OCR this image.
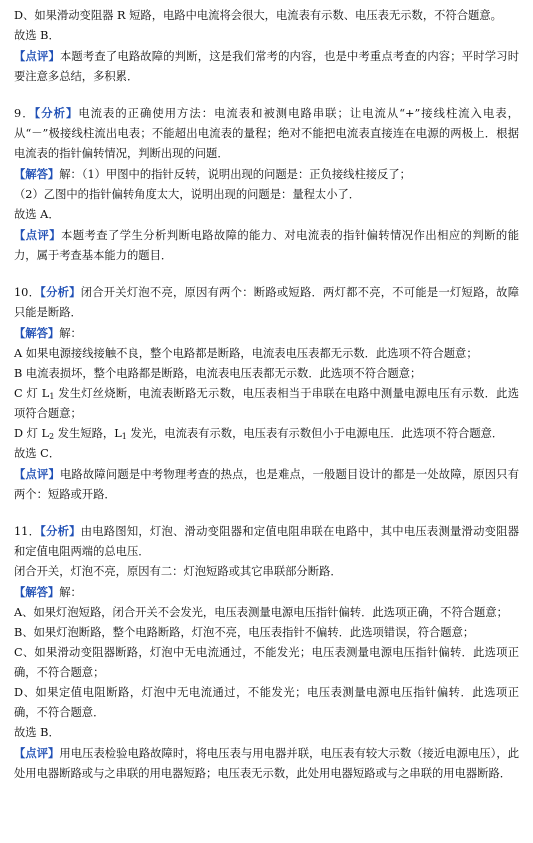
D、如果滑动变阻器 R 短路，电路中电流将会很大，电流表有示数、电压表无示数，不符合题意。

故选 B．

【点评】本题考查了电路故障的判断，这是我们常考的内容，也是中考重点考查的内容；平时学习时要注意多总结，多积累．

9．【分析】电流表的正确使用方法：电流表和被测电路串联；让电流从“+”接线柱流入电表，从“－”极接线柱流出电表；不能超出电流表的量程；绝对不能把电流表直接连在电源的两极上．根据电流表的指针偏转情况，判断出现的问题．

【解答】解：（1）甲图中的指针反转，说明出现的问题是：正负接线柱接反了；

（2）乙图中的指针偏转角度太大，说明出现的问题是：量程太小了．

故选 A．

【点评】本题考查了学生分析判断电路故障的能力、对电流表的指针偏转情况作出相应的判断的能力，属于考查基本能力的题目．

10．【分析】闭合开关灯泡不亮，原因有两个：断路或短路．两灯都不亮，不可能是一灯短路，故障只能是断路．

【解答】解：

A 如果电源接线接触不良，整个电路都是断路，电流表电压表都无示数．此选项不符合题意；

B 电流表损坏，整个电路都是断路，电流表电压表都无示数．此选项不符合题意；

C 灯 $L_1$ 发生灯丝烧断，电流表断路无示数，电压表相当于串联在电路中测量电源电压有示数．此选项符合题意；

D 灯 $L_2$ 发生短路，$L_1$ 发光，电流表有示数，电压表有示数但小于电源电压．此选项不符合题意．

故选 C．

【点评】电路故障问题是中考物理考查的热点，也是难点，一般题目设计的都是一处故障，原因只有两个：短路或开路．

11．【分析】由电路图知，灯泡、滑动变阻器和定值电阻串联在电路中，其中电压表测量滑动变阻器和定值电阻两端的总电压．

闭合开关，灯泡不亮，原因有二：灯泡短路或其它串联部分断路．

【解答】解：

A、如果灯泡短路，闭合开关不会发光，电压表测量电源电压指针偏转．此选项正确，不符合题意；

B、如果灯泡断路，整个电路断路，灯泡不亮，电压表指针不偏转．此选项错误，符合题意；

C、如果滑动变阻器断路，灯泡中无电流通过，不能发光；电压表测量电源电压指针偏转．此选项正确，不符合题意；

D、如果定值电阻断路，灯泡中无电流通过，不能发光；电压表测量电源电压指针偏转．此选项正确，不符合题意．

故选 B．

【点评】用电压表检验电路故障时，将电压表与用电器并联，电压表有较大示数（接近电源电压），此处用电器断路或与之串联的用电器短路；电压表无示数，此处用电器短路或与之串联的用电器断路．
